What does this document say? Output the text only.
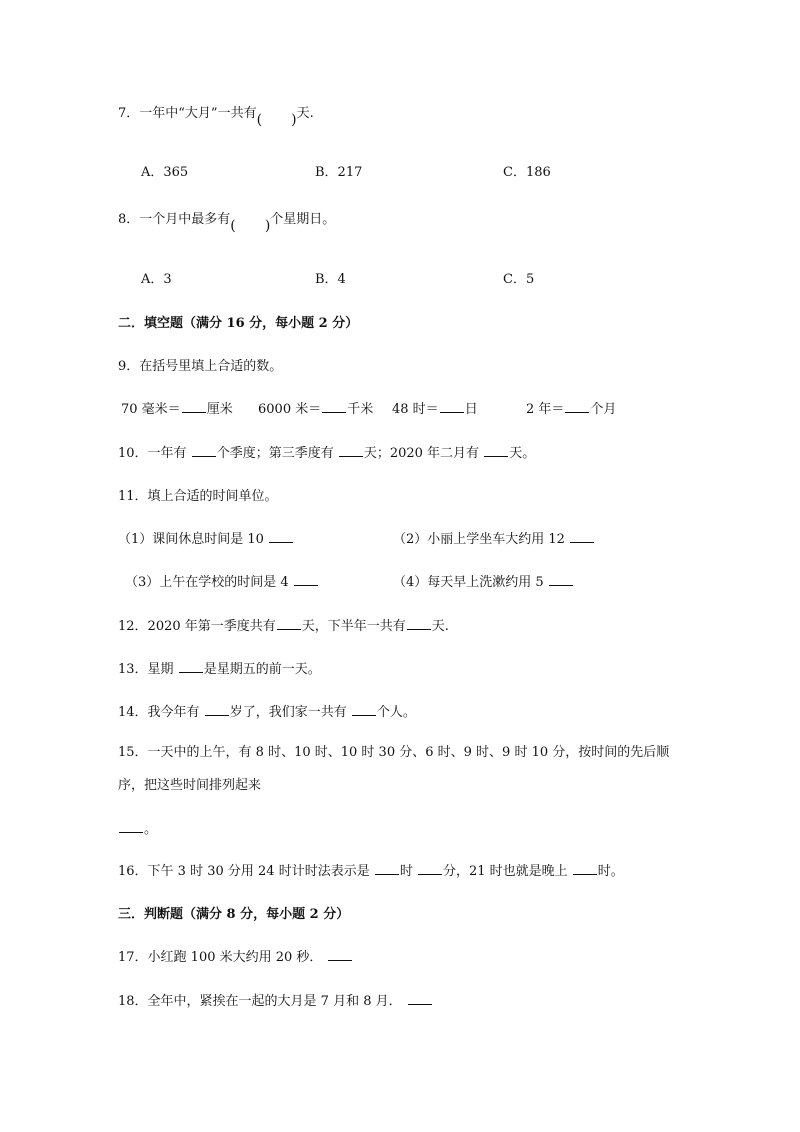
7．一年中“大月”一共有	天.
A．365	B．217	C．186
8．一个月中最多有	个星期日。
A．3	B．4	C．5
二．填空题（满分 16 分，每小题 2 分）
9．在括号里填上合适的数。
70 毫米＝ 厘米 6000 米＝ 千米 48 时＝ 日	2 年＝ 个月
10．一年有 个季度；第三季度有 天；2020 年二月有 天。
11．填上合适的时间单位。
（1）课间休息时间是 10	（2）小丽上学坐车大约用 12
（3）上午在学校的时间是 4	（4）每天早上洗漱约用 5
12．2020 年第一季度共有 天，下半年一共有 天.
13．星期 是星期五的前一天。
14．我今年有 岁了，我们家一共有 个人。
15．一天中的上午，有 8 时、10 时、10 时 30 分、6 时、9 时、9 时 10 分，按时间的先后顺
序，把这些时间排列起来
。
16．下午 3 时 30 分用 24 时计时法表示是 时 分，21 时也就是晚上 时。
三．判断题（满分 8 分，每小题 2 分）
17．小红跑 100 米大约用 20 秒．
18．全年中，紧挨在一起的大月是 7 月和 8 月．
